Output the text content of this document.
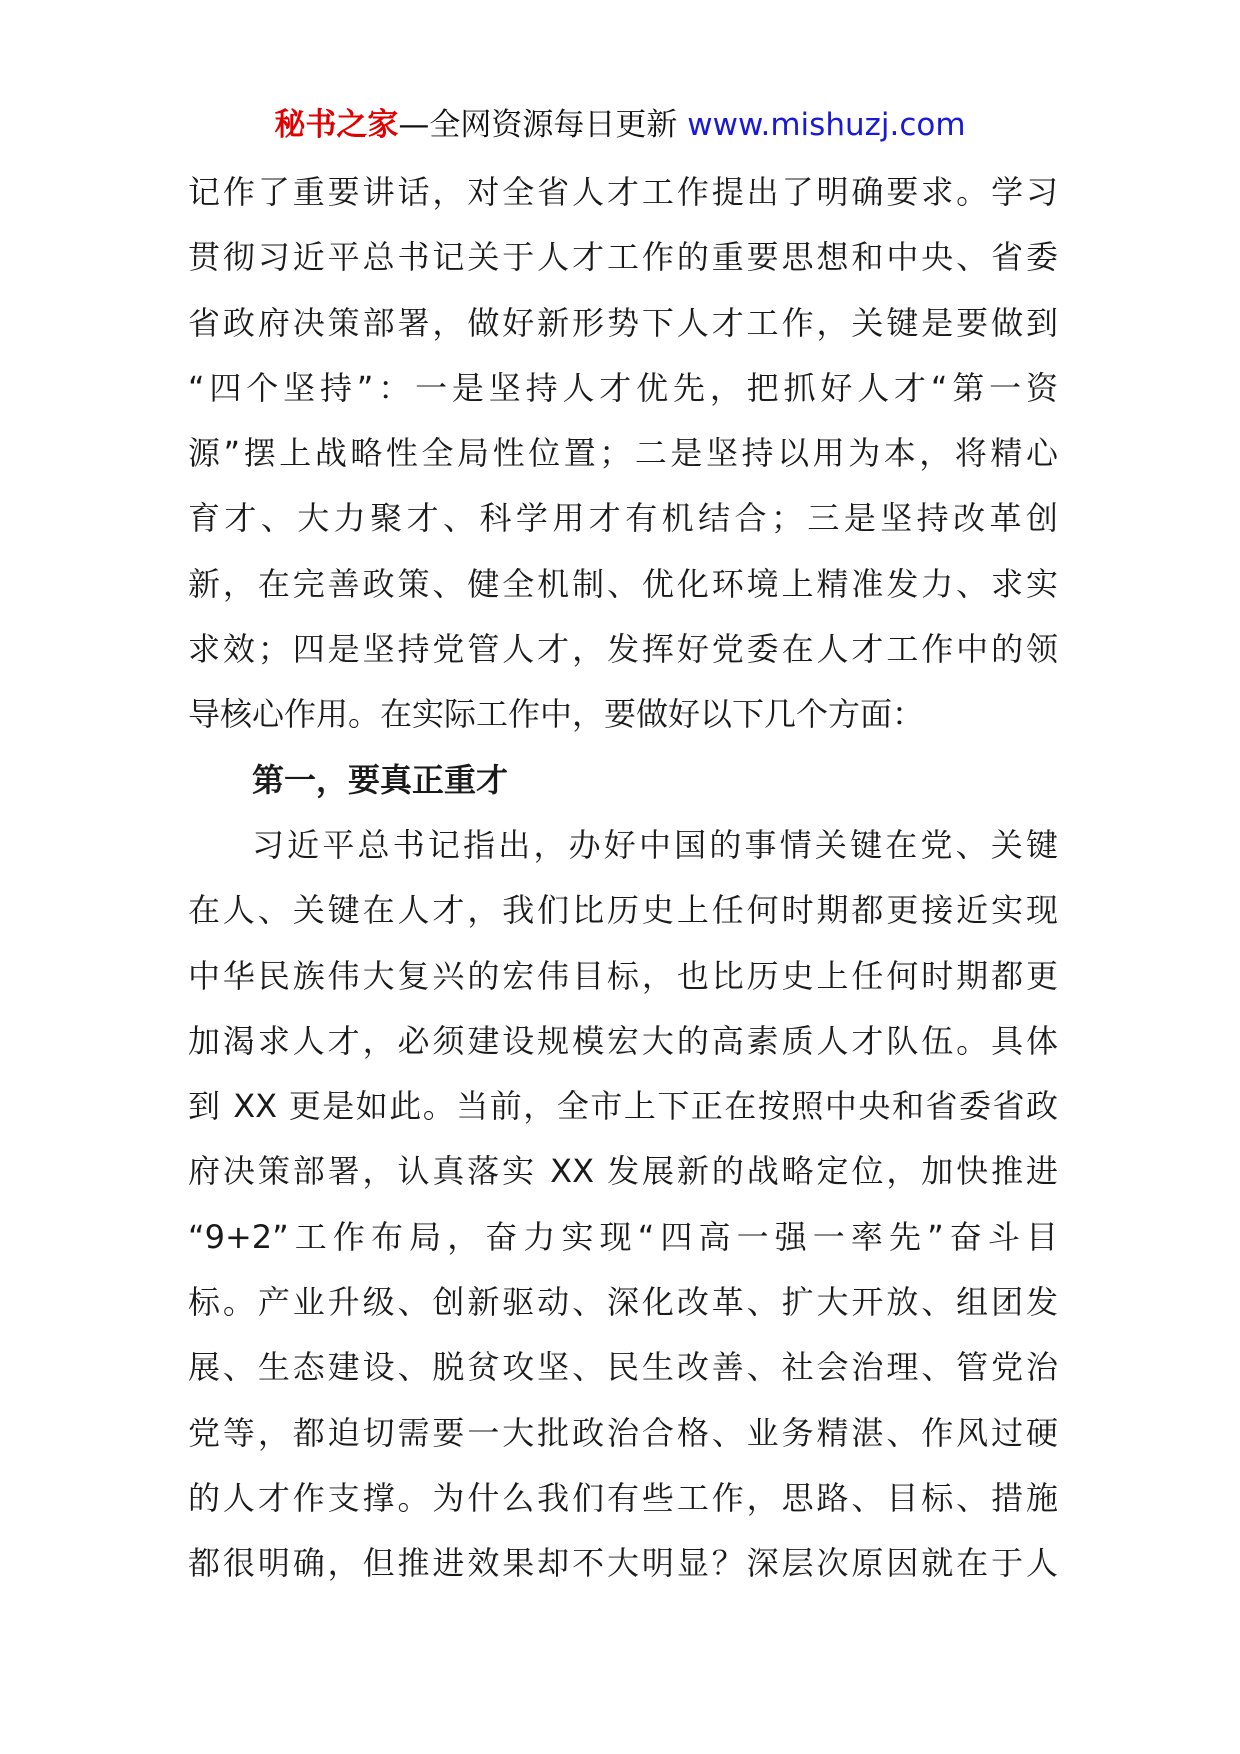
秘书之家—全网资源每日更新 www.mishuzj.com
记作了重要讲话，对全省人才工作提出了明确要求。学习
贯彻习近平总书记关于人才工作的重要思想和中央、省委
省政府决策部署，做好新形势下人才工作，关键是要做到
“四个坚持”：一是坚持人才优先，把抓好人才“第一资
源”摆上战略性全局性位置；二是坚持以用为本，将精心
育才、大力聚才、科学用才有机结合；三是坚持改革创
新，在完善政策、健全机制、优化环境上精准发力、求实
求效；四是坚持党管人才，发挥好党委在人才工作中的领
导核心作用。在实际工作中，要做好以下几个方面：
第一，要真正重才
习近平总书记指出，办好中国的事情关键在党、关键
在人、关键在人才，我们比历史上任何时期都更接近实现
中华民族伟大复兴的宏伟目标，也比历史上任何时期都更
加渴求人才，必须建设规模宏大的高素质人才队伍。具体
到 XX 更是如此。当前，全市上下正在按照中央和省委省政
府决策部署，认真落实 XX 发展新的战略定位，加快推进
“9+2”工作布局，奋力实现“四高一强一率先”奋斗目
标。产业升级、创新驱动、深化改革、扩大开放、组团发
展、生态建设、脱贫攻坚、民生改善、社会治理、管党治
党等，都迫切需要一大批政治合格、业务精湛、作风过硬
的人才作支撑。为什么我们有些工作，思路、目标、措施
都很明确，但推进效果却不大明显？深层次原因就在于人
